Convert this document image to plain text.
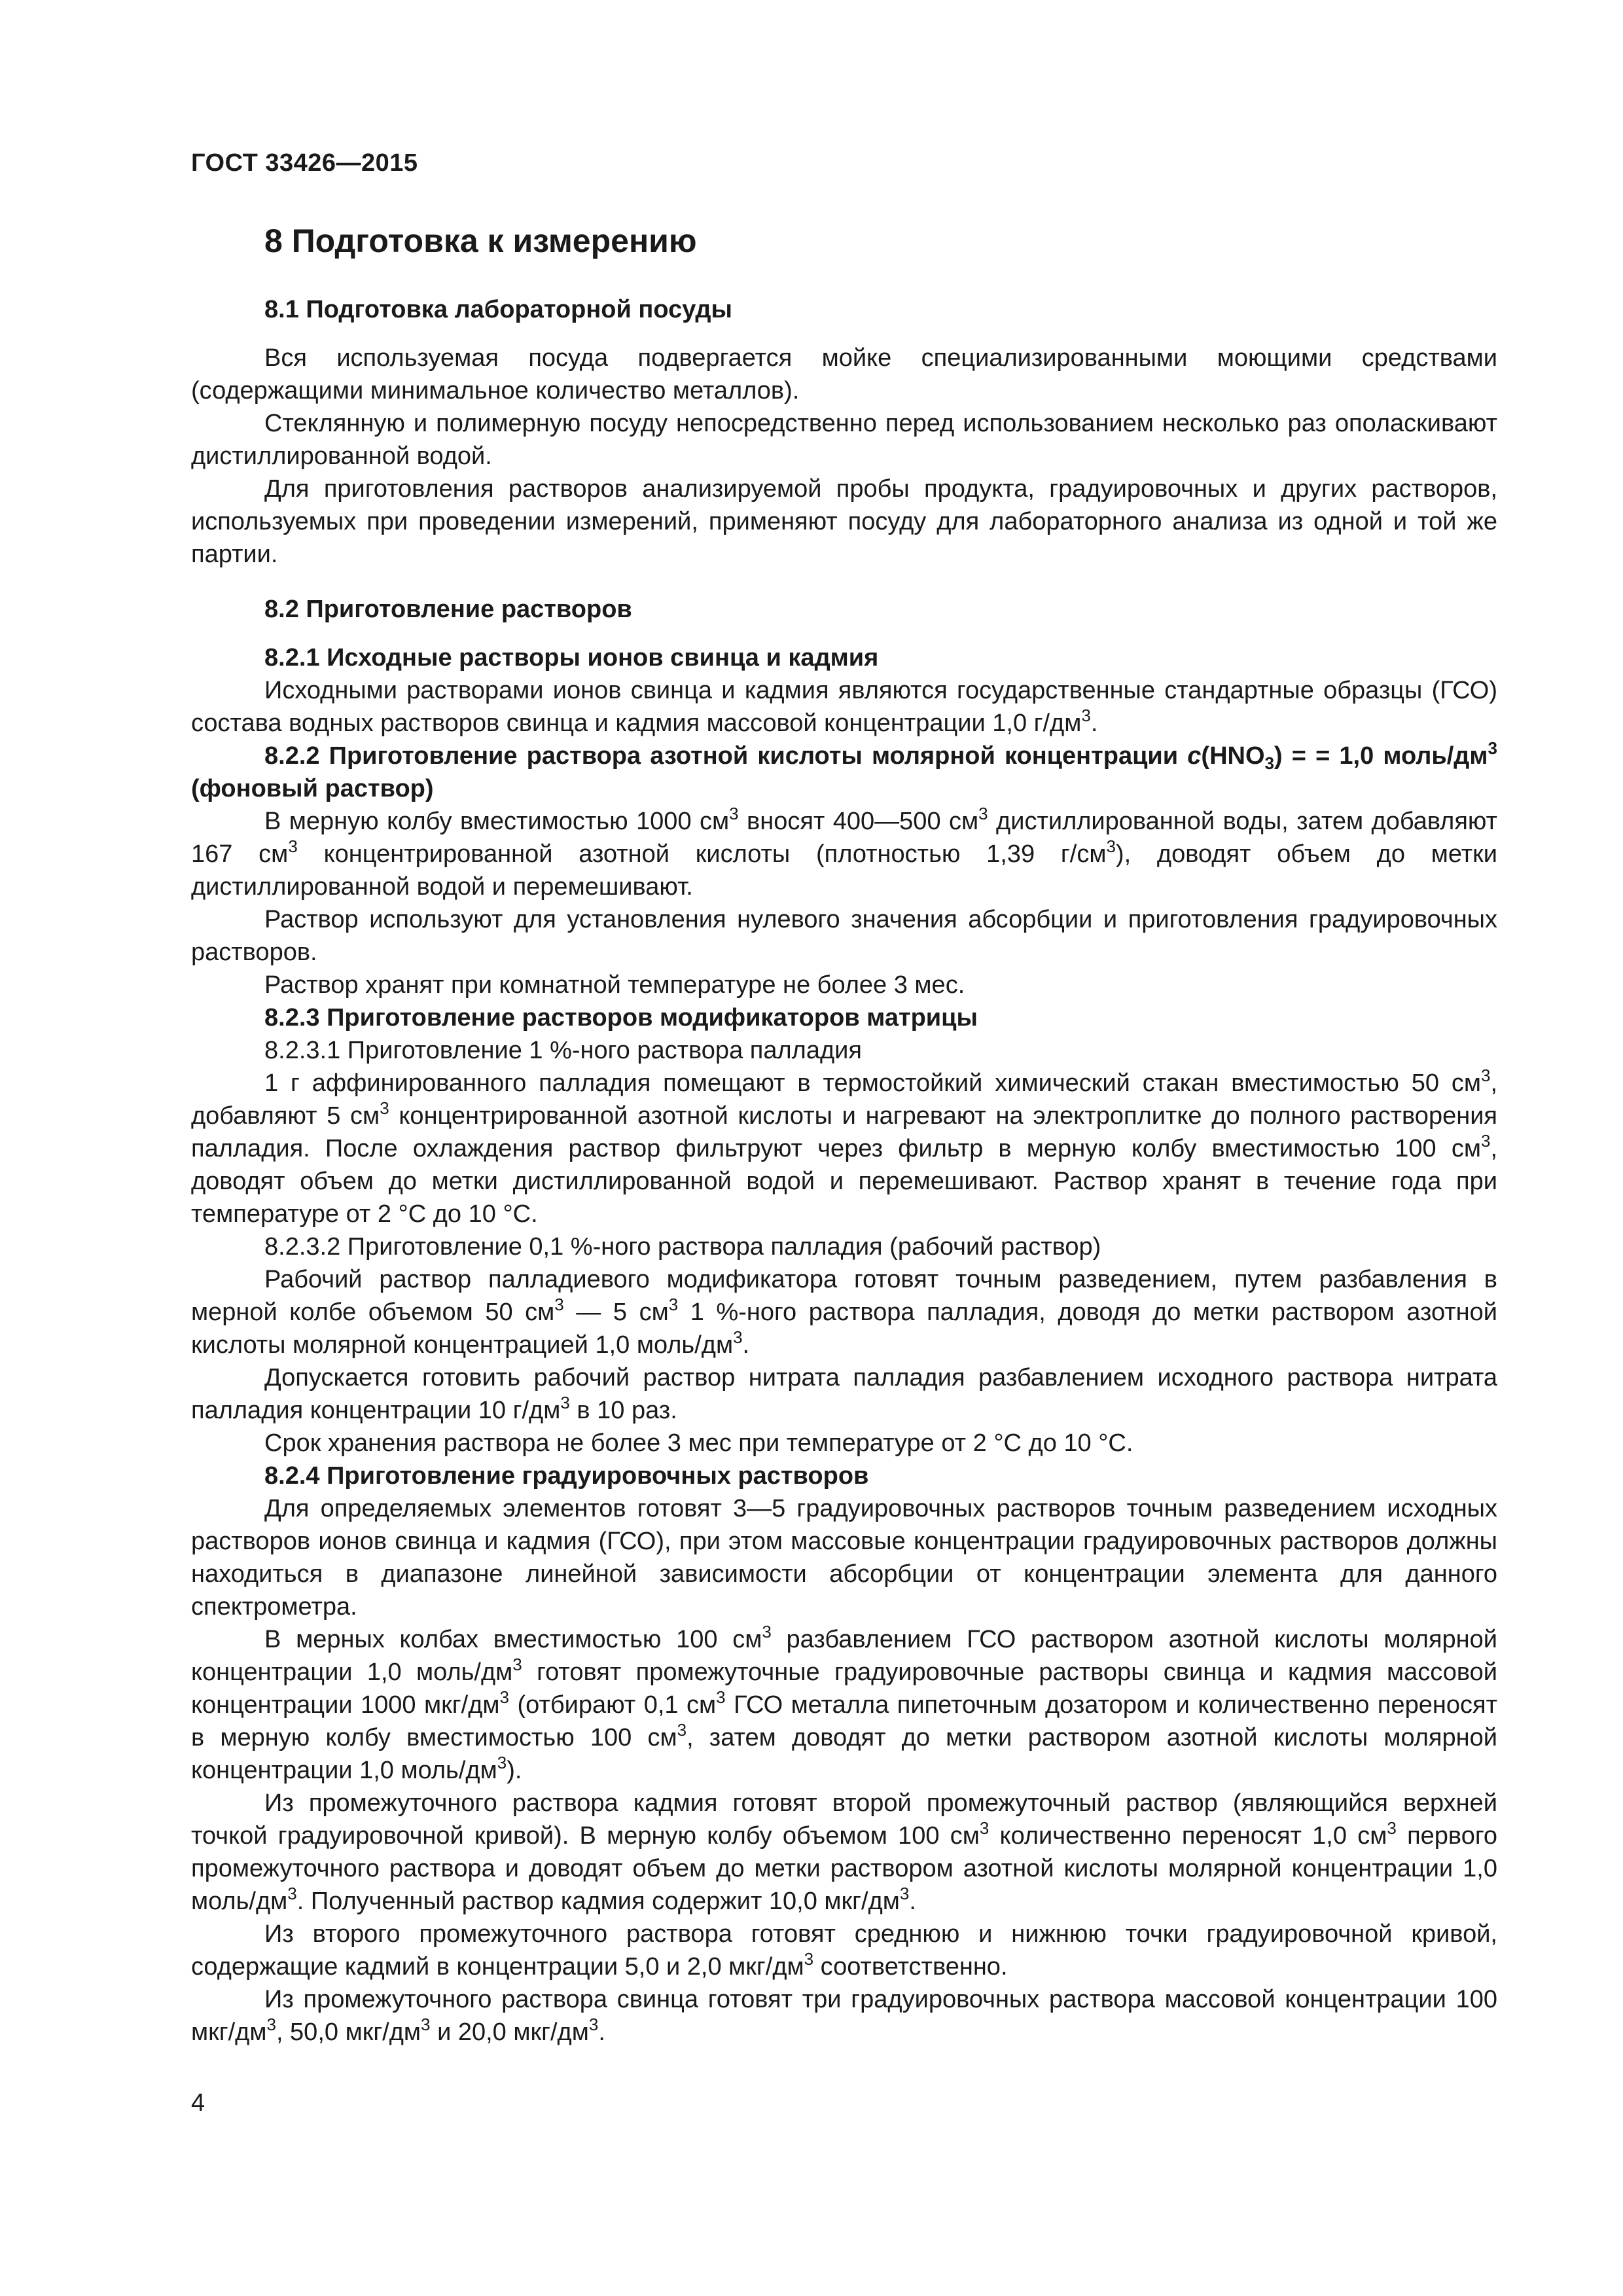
ГОСТ 33426—2015
8 Подготовка к измерению
8.1 Подготовка лабораторной посуды

Вся используемая посуда подвергается мойке специализированными моющими средствами (содержащими минимальное количество металлов).

Стеклянную и полимерную посуду непосредственно перед использованием несколько раз ополаскивают дистиллированной водой.

Для приготовления растворов анализируемой пробы продукта, градуировочных и других растворов, используемых при проведении измерений, применяют посуду для лабораторного анализа из одной и той же партии.

8.2 Приготовление растворов
8.2.1 Исходные растворы ионов свинца и кадмия

Исходными растворами ионов свинца и кадмия являются государственные стандартные образцы (ГСО) состава водных растворов свинца и кадмия массовой концентрации 1,0 $г/дм^3$.

8.2.2 Приготовление раствора азотной кислоты молярной концентрации $c(HNO_3)$ = = 1,0 моль/$дм^3$ (фоновый раствор)

В мерную колбу вместимостью 1000 $см^3$ вносят 400—500 $см^3$ дистиллированной воды, затем добавляют 167 $см^3$ концентрированной азотной кислоты (плотностью 1,39 $г/см^3$), доводят объем до метки дистиллированной водой и перемешивают.

Раствор используют для установления нулевого значения абсорбции и приготовления градуировочных растворов.

Раствор хранят при комнатной температуре не более 3 мес.

8.2.3 Приготовление растворов модификаторов матрицы
8.2.3.1 Приготовление 1 %-ного раствора палладия

1 г аффинированного палладия помещают в термостойкий химический стакан вместимостью 50 $см^3$, добавляют 5 $см^3$ концентрированной азотной кислоты и нагревают на электроплитке до полного растворения палладия. После охлаждения раствор фильтруют через фильтр в мерную колбу вместимостью 100 $см^3$, доводят объем до метки дистиллированной водой и перемешивают. Раствор хранят в течение года при температуре от 2 °С до 10 °С.

8.2.3.2 Приготовление 0,1 %-ного раствора палладия (рабочий раствор)

Рабочий раствор палладиевого модификатора готовят точным разведением, путем разбавления в мерной колбе объемом 50 $см^3$ — 5 $см^3$ 1 %-ного раствора палладия, доводя до метки раствором азотной кислоты молярной концентрацией 1,0 моль/$дм^3$.

Допускается готовить рабочий раствор нитрата палладия разбавлением исходного раствора нитрата палладия концентрации 10 $г/дм^3$ в 10 раз.

Срок хранения раствора не более 3 мес при температуре от 2 °С до 10 °С.

8.2.4 Приготовление градуировочных растворов

Для определяемых элементов готовят 3—5 градуировочных растворов точным разведением исходных растворов ионов свинца и кадмия (ГСО), при этом массовые концентрации градуировочных растворов должны находиться в диапазоне линейной зависимости абсорбции от концентрации элемента для данного спектрометра.

В мерных колбах вместимостью 100 $см^3$ разбавлением ГСО раствором азотной кислоты молярной концентрации 1,0 моль/$дм^3$ готовят промежуточные градуировочные растворы свинца и кадмия массовой концентрации 1000 мкг/$дм^3$ (отбирают 0,1 $см^3$ ГСО металла пипеточным дозатором и количественно переносят в мерную колбу вместимостью 100 $см^3$, затем доводят до метки раствором азотной кислоты молярной концентрации 1,0 моль/$дм^3$).

Из промежуточного раствора кадмия готовят второй промежуточный раствор (являющийся верхней точкой градуировочной кривой). В мерную колбу объемом 100 $см^3$ количественно переносят 1,0 $см^3$ первого промежуточного раствора и доводят объем до метки раствором азотной кислоты молярной концентрации 1,0 моль/$дм^3$. Полученный раствор кадмия содержит 10,0 мкг/$дм^3$.

Из второго промежуточного раствора готовят среднюю и нижнюю точки градуировочной кривой, содержащие кадмий в концентрации 5,0 и 2,0 мкг/$дм^3$ соответственно.

Из промежуточного раствора свинца готовят три градуировочных раствора массовой концентрации 100 мкг/$дм^3$, 50,0 мкг/$дм^3$ и 20,0 мкг/$дм^3$.

4
